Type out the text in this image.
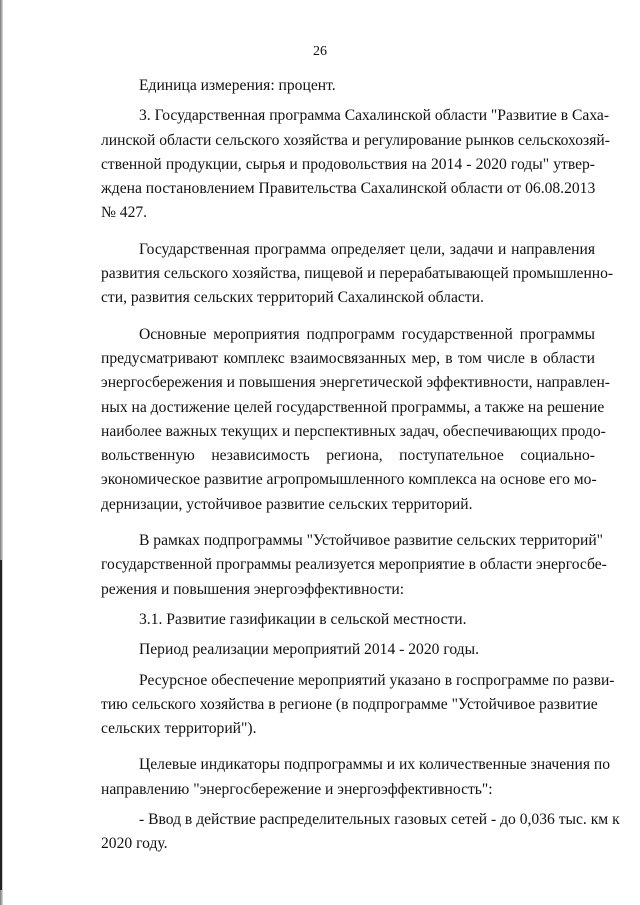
26
Единица измерения: процент.
3. Государственная программа Сахалинской области "Развитие в Саха-
линской области сельского хозяйства и регулирование рынков сельскохозяй-
ственной продукции, сырья и продовольствия на 2014 - 2020 годы" утвер-
ждена постановлением Правительства Сахалинской области от 06.08.2013
№ 427.
Государственная программа определяет цели, задачи и направления
развития сельского хозяйства, пищевой и перерабатывающей промышленно-
сти, развития сельских территорий Сахалинской области.
Основные мероприятия подпрограмм государственной программы
предусматривают комплекс взаимосвязанных мер, в том числе в области
энергосбережения и повышения энергетической эффективности, направлен-
ных на достижение целей государственной программы, а также на решение
наиболее важных текущих и перспективных задач, обеспечивающих продо-
вольственную независимость региона, поступательное социально-
экономическое развитие агропромышленного комплекса на основе его мо-
дернизации, устойчивое развитие сельских территорий.
В рамках подпрограммы "Устойчивое развитие сельских территорий"
государственной программы реализуется мероприятие в области энергосбе-
режения и повышения энергоэффективности:
3.1. Развитие газификации в сельской местности.
Период реализации мероприятий 2014 - 2020 годы.
Ресурсное обеспечение мероприятий указано в госпрограмме по разви-
тию сельского хозяйства в регионе (в подпрограмме "Устойчивое развитие
сельских территорий").
Целевые индикаторы подпрограммы и их количественные значения по
направлению "энергосбережение и энергоэффективность":
- Ввод в действие распределительных газовых сетей - до 0,036 тыс. км к
2020 году.
